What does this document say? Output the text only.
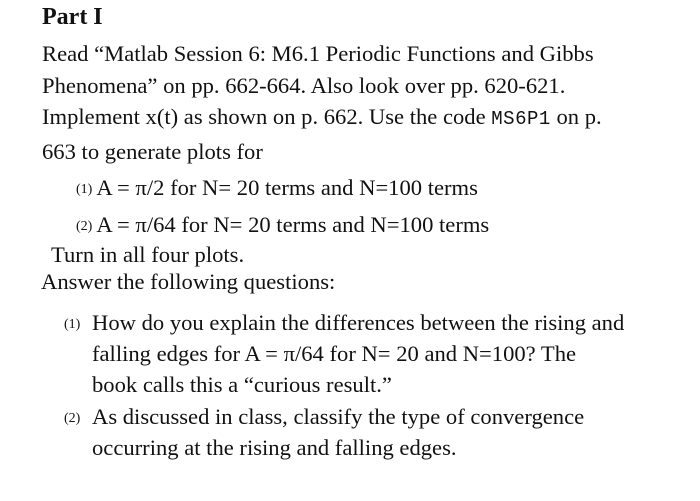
Part I
Read “Matlab Session 6: M6.1 Periodic Functions and Gibbs
Phenomena” on pp. 662-664. Also look over pp. 620-621.
Implement x(t) as shown on p. 662. Use the code MS6P1 on p.
663 to generate plots for
(1) A = π/2 for N= 20 terms and N=100 terms
(2) A = π/64 for N= 20 terms and N=100 terms
Turn in all four plots.
Answer the following questions:
(1) How do you explain the differences between the rising and
falling edges for A = π/64 for N= 20 and N=100? The
book calls this a “curious result.”
(2) As discussed in class, classify the type of convergence
occurring at the rising and falling edges.
